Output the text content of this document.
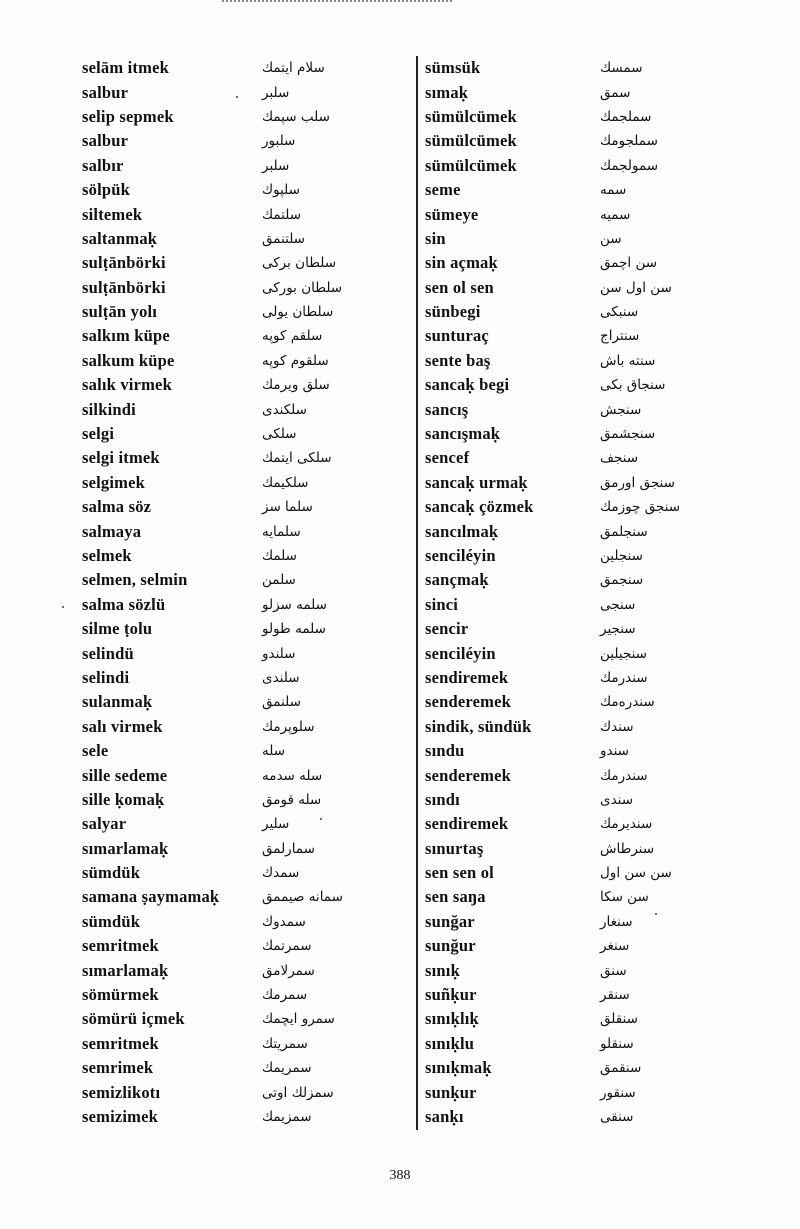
selām itmek
salbur
selip sepmek
salbur
salbır
sölpük
siltemek
saltanmaḳ
sulṭānbörki
sulṭānbörki
sulṭān yolı
salkım küpe
salkum küpe
salık virmek
silkindi
selgi
selgi itmek
selgimek
salma söz
salmaya
selmek
selmen, selmin
salma sözlü
silme ṭolu
selindü
selindi
sulanmaḳ
salı virmek
sele
sille sedeme
sille ḳomaḳ
salyar
sımarlamaḳ
sümdük
samana ṣaymamaḳ
sümdük
semritmek
sımarlamaḳ
sömürmek
sömürü içmek
semritmek
semrimek
semizlikotı
semizimek
سلام ایتمك
سلبر
سلب سپمك
سلبور
سلبر
سلپوك
سلتمك
سلتنمق
سلطان برکی
سلطان بورکی
سلطان یولی
سلقم کوپه
سلقوم کوپه
سلق ویرمك
سلکندی
سلکی
سلکی ایتمك
سلکیمك
سلما سز
سلمایه
سلمك
سلمن
سلمه سزلو
سلمه طولو
سلندو
سلندی
سلنمق
سلوپرمك
سله
سله سدمه
سله قومق
سلیر
سمارلمق
سمدك
سمانه صیممق
سمدوك
سمرتمك
سمرلامق
سمرمك
سمرو ایچمك
سمریتك
سمریمك
سمزلك اوتی
سمزیمك
sümsük
sımaḳ
sümülcümek
sümülcümek
sümülcümek
seme
sümeye
sin
sin açmaḳ
sen ol sen
sünbegi
sunturaç
sente baş
sancaḳ begi
sancış
sancışmaḳ
sencef
sancaḳ urmaḳ
sancaḳ çözmek
sancılmaḳ
senciléyin
sançmaḳ
sinci
sencir
senciléyin
sendiremek
senderemek
sindik, sündük
sındu
senderemek
sındı
sendiremek
sınurtaş
sen sen ol
sen saŋa
sunğar
sunğur
sınıḳ
suñḳur
sınıḳlıḳ
sınıḳlu
sınıḳmaḳ
sunḳur
sanḳı
سمسك
سمق
سملجمك
سملجومك
سمولجمك
سمه
سمیه
سن
سن اچمق
سن اول سن
سنبکی
سنتراج
سنته باش
سنجاق بکی
سنجش
سنجشمق
سنجف
سنجق اورمق
سنجق چوزمك
سنجلمق
سنجلین
سنجمق
سنجی
سنجیر
سنجیلین
سندرمك
سندرەمك
سندك
سندو
سندرمك
سندی
سندیرمك
سنرطاش
سن سن اول
سن سکا
سنغار
سنغر
سنق
سنقر
سنقلق
سنقلو
سنقمق
سنقور
سنقی
388
